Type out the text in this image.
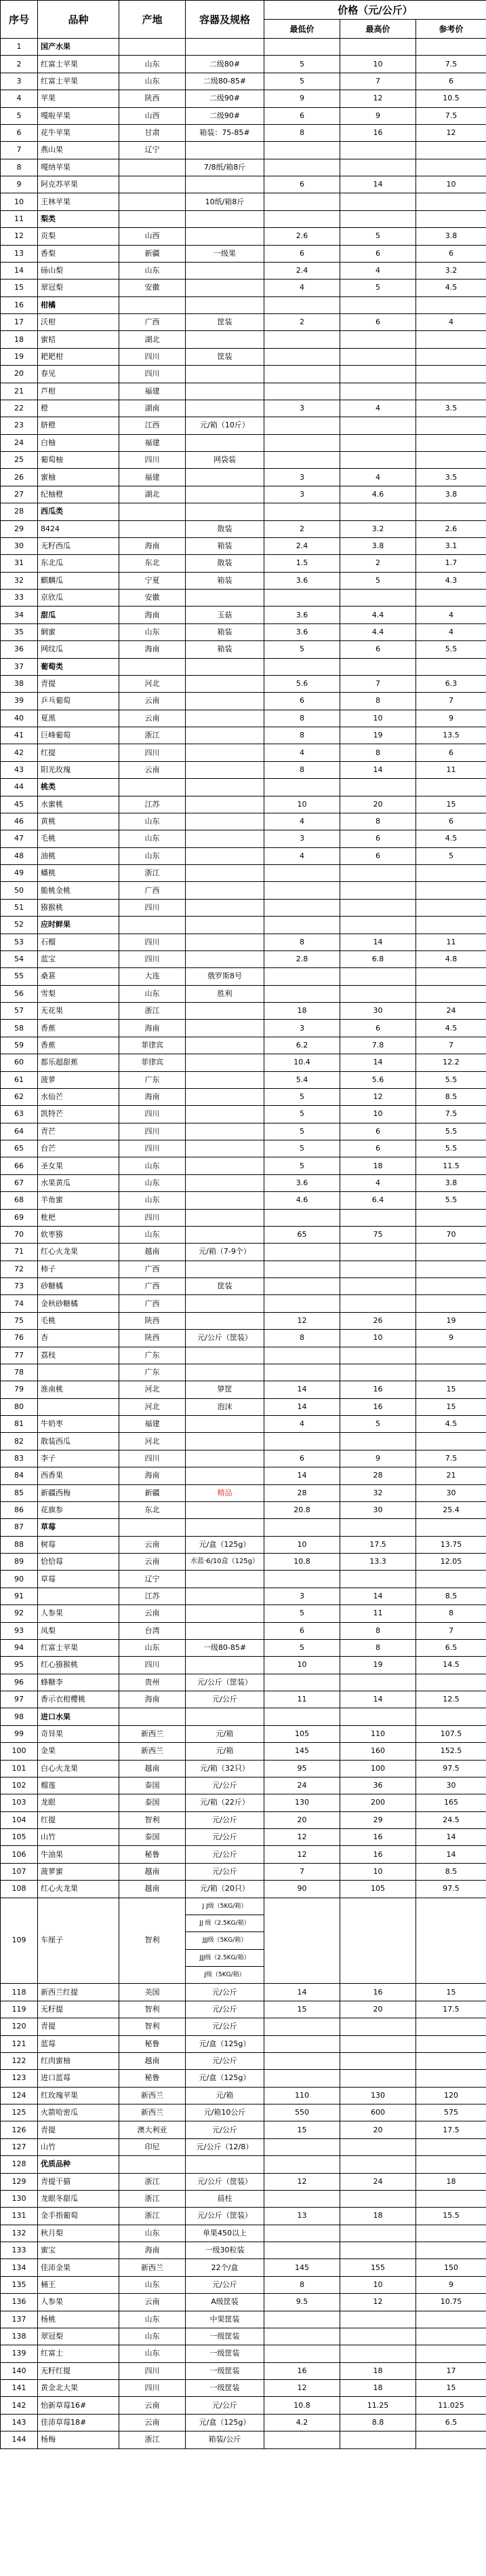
序号	品种	产地	容器及规格	价格（元/公斤）			
				最低价	最高价	参考价	
1	国产水果						
2	红富士苹果	山东	二级80#	5	10	7.5	
3	红富士苹果	山东	二级80-85#	5	7	6	
4	苹果	陕西	二级90#	9	12	10.5	
5	嘎啦苹果	山西	二级90#	6	9	7.5	
6	花牛苹果	甘肃	箱装：75-85#	8	16	12	
7	燕山果	辽宁					
8	嘎纳苹果		7/8纸/箱8斤				
9	阿克苏苹果			6	14	10	
10	王林苹果		10纸/箱8斤				
11	梨类						
12	贡梨	山西		2.6	5	3.8	
13	香梨	新疆	一级果	6	6	6	
14	砀山梨	山东		2.4	4	3.2	
15	翠冠梨	安徽		4	5	4.5	
16	柑橘						
17	沃柑	广西	筐装	2	6	4	
18	蜜桔	湖北					
19	耙耙柑	四川	筐装				
20	春见	四川					
21	芦柑	福建					
22	橙	湖南		3	4	3.5	
23	脐橙	江西	元/箱（10斤）				
24	白柚	福建					
25	葡萄柚	四川	网袋装				
26	蜜柚	福建		3	4	3.5	
27	纪柚橙	湖北		3	4.6	3.8	
28	西瓜类						
29	8424		散装	2	3.2	2.6	
30	无籽西瓜	海南	箱装	2.4	3.8	3.1	
31	东北瓜	东北	散装	1.5	2	1.7	
32	麒麟瓜	宁夏	箱装	3.6	5	4.3	
33	京欣瓜	安徽					
34	甜瓜	海南	玉菇	3.6	4.4	4	
35	網蜜	山东	箱装	3.6	4.4	4	
36	网纹瓜	海南	箱装	5	6	5.5	
37	葡萄类						
38	青提	河北		5.6	7	6.3	
39	乒乓葡萄	云南		6	8	7	
40	夏黑	云南		8	10	9	
41	巨峰葡萄	浙江		8	19	13.5	
42	红提	四川		4	8	6	
43	阳光玫瑰	云南		8	14	11	
44	桃类						
45	水蜜桃	江苏		10	20	15	
46	黄桃	山东		4	8	6	
47	毛桃	山东		3	6	4.5	
48	油桃	山东		4	6	5	
49	蟠桃	浙江					
50	脆桃金桃	广西					
51	猕猴桃	四川					
52	应时鲜果						
53	石榴	四川		8	14	11	
54	蓝宝	四川		2.8	6.8	4.8	
55	桑葚	大连	俄罗斯8号				
56	雪梨	山东	胜利				
57	无花果	浙江		18	30	24	
58	香蕉	海南		3	6	4.5	
59	香蕉	菲律宾		6.2	7.8	7	
60	都乐超甜蕉	菲律宾		10.4	14	12.2	
61	菠萝	广东		5.4	5.6	5.5	
62	水仙芒	海南		5	12	8.5	
63	凯特芒	四川		5	10	7.5	
64	青芒	四川		5	6	5.5	
65	台芒	四川		5	6	5.5	
66	圣女果	山东		5	18	11.5	
67	水果黄瓜	山东		3.6	4	3.8	
68	羊角蜜	山东		4.6	6.4	5.5	
69	枇杷	四川					
70	软枣猕	山东		65	75	70	
71	红心火龙果	越南	元/箱（7-9个）				
72	柿子	广西					
73	砂糖橘	广西	筐装				
74	金秋砂糖橘	广西					
75	毛桃	陕西		12	26	19	
76	杏	陕西	元/公斤（筐装）	8	10	9	
77	荔枝	广东					
78		广东					
79	淮南桃	河北	箩筐	14	16	15	
80		河北	泡沫	14	16	15	
81	牛奶枣	福建		4	5	4.5	
82	散装西瓜	河北					
83	李子	四川		6	9	7.5	
84	西香果	海南		14	28	21	
85	新疆西梅	新疆	精品	28	32	30	
86	花旗参	东北		20.8	30	25.4	
87	草莓						
88	树莓	云南	元/盒（125g）	10	17.5	13.75	
89	恰恰莓	云南	水蓝·6/10盒（125g）	10.8	13.3	12.05	
90	草莓	辽宁					
91		江苏		3	14	8.5	
92	人参果	云南		5	11	8	
93	凤梨	台湾		6	8	7	
94	红富士苹果	山东	一级80-85#	5	8	6.5	
95	红心猕猴桃	四川		10	19	14.5	
96	蜂糖李	贵州	元/公斤（筐装）				
97	香示衣柑樱桃	海南	元/公斤	11	14	12.5	
98	进口水果						
99	奇异果	新西兰	元/箱	105	110	107.5	
100	金果	新西兰	元/箱	145	160	152.5	
101	白心火龙果	越南	元/箱（32只）	95	100	97.5	
102	榴莲	泰国	元/公斤	24	36	30	
103	龙眼	泰国	元/箱（22斤）	130	200	165	
104	红提	智利	元/公斤	20	29	24.5	
105	山竹	泰国	元/公斤	12	16	14	
106	牛油果	秘鲁	元/公斤	12	16	14	
107	菠萝蜜	越南	元/公斤	7	10	8.5	
108	红心火龙果	越南	元/箱（20只）	90	105	97.5	
109	车厘子	智利	J J级（5KG/箱）
JJ 级（2.5KG/箱）
JJJ级（5KG/箱）
JJJ级（2.5KG/箱）
J级（5KG/箱）				

118	新西兰红提	美国	元/公斤	14	16	15	
119	无籽提	智利	元/公斤	15	20	17.5	
120	青提	智利	元/公斤				
121	蓝莓	秘鲁	元/盒（125g）				
122	红肉蜜柚	越南	元/公斤				
123	进口蓝莓	秘鲁	元/盒（125g）				
124	红玫瑰苹果	新西兰	元/箱	110	130	120	
125	火箭哈密瓜	新西兰	元/箱10公斤	550	600	575	
126	青提	澳大利亚	元/公斤	15	20	17.5	
127	山竹	印尼	元/公斤（12/8）				
128	优质品种						
129	青提干猫	浙江	元/公斤（筐装）	12	24	18	
130	龙眼冬甜瓜	浙江	晨柱				
131	金手指葡萄	浙江	元/公斤（筐装）	13	18	15.5	
132	秋月梨	山东	单果450以上				
133	蜜宝	海南	一级30粒装				
134	佳沛金果	新西兰	22个/盒	145	155	150	
135	桶王	山东	元/公斤	8	10	9	
136	人参果	云南	A级筐装	9.5	12	10.75	
137	杨桃	山东	中果筐装				
138	翠冠梨	山东	一级筐装				
139	红富士	山东	一级筐装				
140	无籽红提	四川	一级筐装	16	18	17	
141	黄金北大果	四川	一级筐装	12	18	15	
142	怡新草莓16#	云南	元/公斤	10.8	11.25	11.025	
143	佳沛草莓18#	云南	元/盒（125g）	4.2	8.8	6.5	
144	杨梅	浙江	箱装/公斤				
